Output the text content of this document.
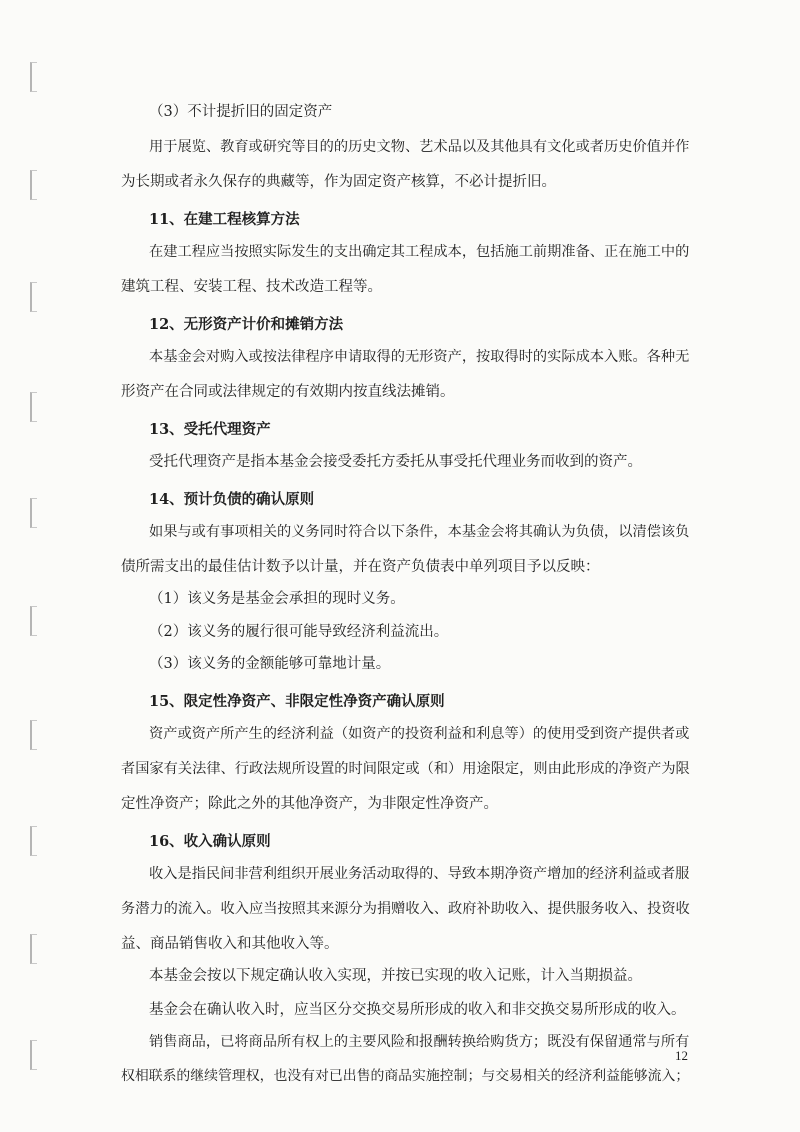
（3）不计提折旧的固定资产
用于展览、教育或研究等目的的历史文物、艺术品以及其他具有文化或者历史价值并作
为长期或者永久保存的典藏等，作为固定资产核算，不必计提折旧。
11、在建工程核算方法
在建工程应当按照实际发生的支出确定其工程成本，包括施工前期准备、正在施工中的
建筑工程、安装工程、技术改造工程等。
12、无形资产计价和摊销方法
本基金会对购入或按法律程序申请取得的无形资产，按取得时的实际成本入账。各种无
形资产在合同或法律规定的有效期内按直线法摊销。
13、受托代理资产
受托代理资产是指本基金会接受委托方委托从事受托代理业务而收到的资产。
14、预计负债的确认原则
如果与或有事项相关的义务同时符合以下条件，本基金会将其确认为负债，以清偿该负
债所需支出的最佳估计数予以计量，并在资产负债表中单列项目予以反映：
（1）该义务是基金会承担的现时义务。
（2）该义务的履行很可能导致经济利益流出。
（3）该义务的金额能够可靠地计量。
15、限定性净资产、非限定性净资产确认原则
资产或资产所产生的经济利益（如资产的投资利益和利息等）的使用受到资产提供者或
者国家有关法律、行政法规所设置的时间限定或（和）用途限定，则由此形成的净资产为限
定性净资产；除此之外的其他净资产，为非限定性净资产。
16、收入确认原则
收入是指民间非营利组织开展业务活动取得的、导致本期净资产增加的经济利益或者服
务潜力的流入。收入应当按照其来源分为捐赠收入、政府补助收入、提供服务收入、投资收
益、商品销售收入和其他收入等。
本基金会按以下规定确认收入实现，并按已实现的收入记账，计入当期损益。
基金会在确认收入时，应当区分交换交易所形成的收入和非交换交易所形成的收入。
销售商品，已将商品所有权上的主要风险和报酬转换给购货方；既没有保留通常与所有
权相联系的继续管理权，也没有对已出售的商品实施控制；与交易相关的经济利益能够流入；
12
